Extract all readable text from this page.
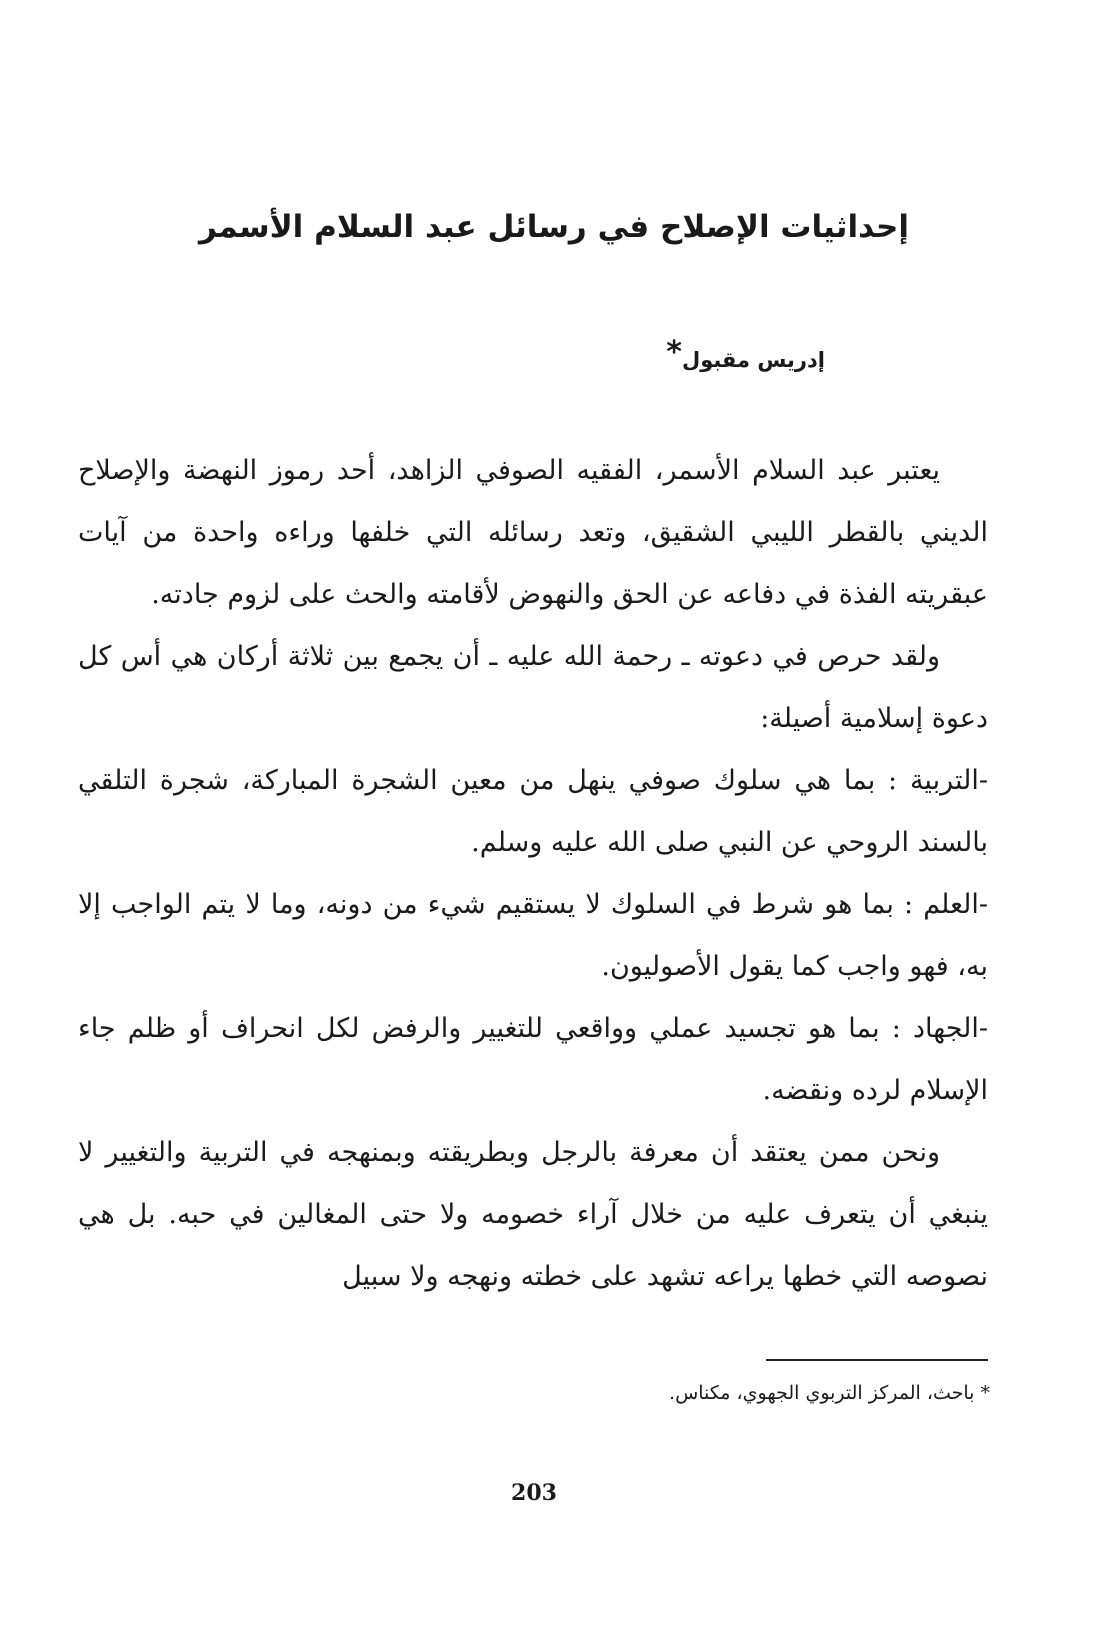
إحداثيات الإصلاح في رسائل عبد السلام الأسمر
إدريس مقبول*

يعتبر عبد السلام الأسمر، الفقيه الصوفي الزاهد، أحد رموز النهضة والإصلاح الديني بالقطر الليبي الشقيق، وتعد رسائله التي خلفها وراءه واحدة من آيات عبقريته الفذة في دفاعه عن الحق والنهوض لأقامته والحث على لزوم جادته.

ولقد حرص في دعوته ـ رحمة الله عليه ـ أن يجمع بين ثلاثة أركان هي أس كل دعوة إسلامية أصيلة:

-التربية : بما هي سلوك صوفي ينهل من معين الشجرة المباركة، شجرة التلقي بالسند الروحي عن النبي صلى الله عليه وسلم.

-العلم : بما هو شرط في السلوك لا يستقيم شيء من دونه، وما لا يتم الواجب إلا به، فهو واجب كما يقول الأصوليون.

-الجهاد : بما هو تجسيد عملي وواقعي للتغيير والرفض لكل انحراف أو ظلم جاء الإسلام لرده ونقضه.

ونحن ممن يعتقد أن معرفة بالرجل وبطريقته وبمنهجه في التربية والتغيير لا ينبغي أن يتعرف عليه من خلال آراء خصومه ولا حتى المغالين في حبه. بل هي نصوصه التي خطها يراعه تشهد على خطته ونهجه ولا سبيل

* باحث، المركز التربوي الجهوي، مكناس.
203
